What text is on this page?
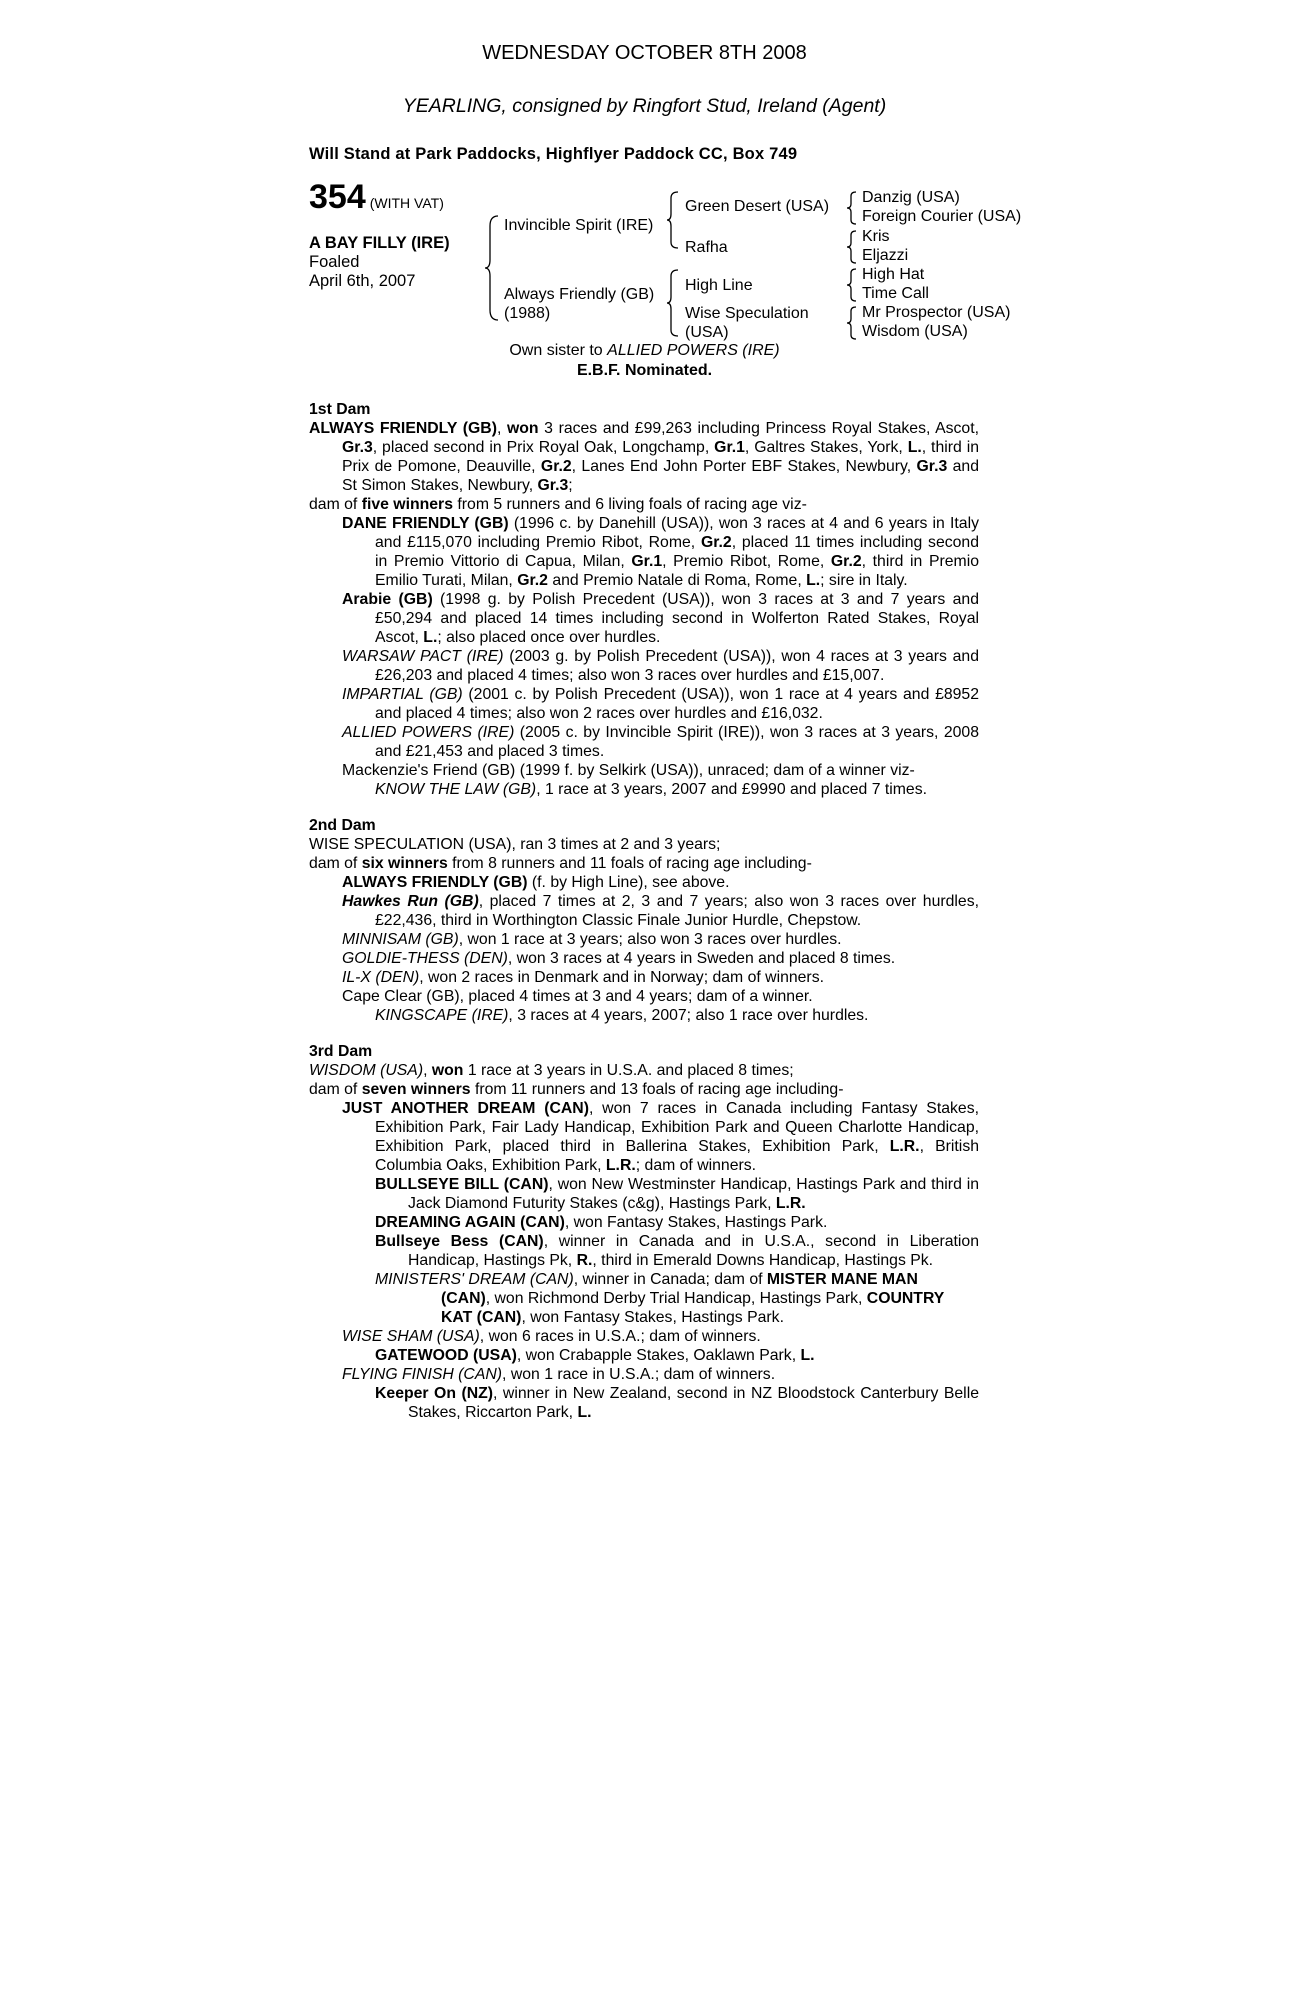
WEDNESDAY OCTOBER 8TH 2008
YEARLING, consigned by Ringfort Stud, Ireland (Agent)
Will Stand at Park Paddocks, Highflyer Paddock CC, Box 749
354 (WITH VAT)
A BAY FILLY (IRE)
Foaled
April 6th, 2007
Invincible Spirit (IRE)
Always Friendly (GB)
(1988)
Green Desert (USA)
Rafha
High Line
Wise Speculation
(USA)
Danzig (USA)
Foreign Courier (USA)
Kris
Eljazzi
High Hat
Time Call
Mr Prospector (USA)
Wisdom (USA)
Own sister to ALLIED POWERS (IRE)
E.B.F. Nominated.
1st Dam
ALWAYS FRIENDLY (GB), won 3 races and £99,263 including Princess Royal Stakes, Ascot, Gr.3, placed second in Prix Royal Oak, Longchamp, Gr.1, Galtres Stakes, York, L., third in Prix de Pomone, Deauville, Gr.2, Lanes End John Porter EBF Stakes, Newbury, Gr.3 and St Simon Stakes, Newbury, Gr.3;
dam of five winners from 5 runners and 6 living foals of racing age viz-
DANE FRIENDLY (GB) (1996 c. by Danehill (USA)), won 3 races at 4 and 6 years in Italy and £115,070 including Premio Ribot, Rome, Gr.2, placed 11 times including second in Premio Vittorio di Capua, Milan, Gr.1, Premio Ribot, Rome, Gr.2, third in Premio Emilio Turati, Milan, Gr.2 and Premio Natale di Roma, Rome, L.; sire in Italy.
Arabie (GB) (1998 g. by Polish Precedent (USA)), won 3 races at 3 and 7 years and £50,294 and placed 14 times including second in Wolferton Rated Stakes, Royal Ascot, L.; also placed once over hurdles.
WARSAW PACT (IRE) (2003 g. by Polish Precedent (USA)), won 4 races at 3 years and £26,203 and placed 4 times; also won 3 races over hurdles and £15,007.
IMPARTIAL (GB) (2001 c. by Polish Precedent (USA)), won 1 race at 4 years and £8952 and placed 4 times; also won 2 races over hurdles and £16,032.
ALLIED POWERS (IRE) (2005 c. by Invincible Spirit (IRE)), won 3 races at 3 years, 2008 and £21,453 and placed 3 times.
Mackenzie's Friend (GB) (1999 f. by Selkirk (USA)), unraced; dam of a winner viz-
KNOW THE LAW (GB), 1 race at 3 years, 2007 and £9990 and placed 7 times.
2nd Dam
WISE SPECULATION (USA), ran 3 times at 2 and 3 years;
dam of six winners from 8 runners and 11 foals of racing age including-
ALWAYS FRIENDLY (GB) (f. by High Line), see above.
Hawkes Run (GB), placed 7 times at 2, 3 and 7 years; also won 3 races over hurdles, £22,436, third in Worthington Classic Finale Junior Hurdle, Chepstow.
MINNISAM (GB), won 1 race at 3 years; also won 3 races over hurdles.
GOLDIE-THESS (DEN), won 3 races at 4 years in Sweden and placed 8 times.
IL-X (DEN), won 2 races in Denmark and in Norway; dam of winners.
Cape Clear (GB), placed 4 times at 3 and 4 years; dam of a winner.
KINGSCAPE (IRE), 3 races at 4 years, 2007; also 1 race over hurdles.
3rd Dam
WISDOM (USA), won 1 race at 3 years in U.S.A. and placed 8 times;
dam of seven winners from 11 runners and 13 foals of racing age including-
JUST ANOTHER DREAM (CAN), won 7 races in Canada including Fantasy Stakes, Exhibition Park, Fair Lady Handicap, Exhibition Park and Queen Charlotte Handicap, Exhibition Park, placed third in Ballerina Stakes, Exhibition Park, L.R., British Columbia Oaks, Exhibition Park, L.R.; dam of winners.
BULLSEYE BILL (CAN), won New Westminster Handicap, Hastings Park and third in Jack Diamond Futurity Stakes (c&g), Hastings Park, L.R.
DREAMING AGAIN (CAN), won Fantasy Stakes, Hastings Park.
Bullseye Bess (CAN), winner in Canada and in U.S.A., second in Liberation Handicap, Hastings Pk, R., third in Emerald Downs Handicap, Hastings Pk.
MINISTERS' DREAM (CAN), winner in Canada; dam of MISTER MANE MAN
(CAN), won Richmond Derby Trial Handicap, Hastings Park, COUNTRY
KAT (CAN), won Fantasy Stakes, Hastings Park.
WISE SHAM (USA), won 6 races in U.S.A.; dam of winners.
GATEWOOD (USA), won Crabapple Stakes, Oaklawn Park, L.
FLYING FINISH (CAN), won 1 race in U.S.A.; dam of winners.
Keeper On (NZ), winner in New Zealand, second in NZ Bloodstock Canterbury Belle Stakes, Riccarton Park, L.
